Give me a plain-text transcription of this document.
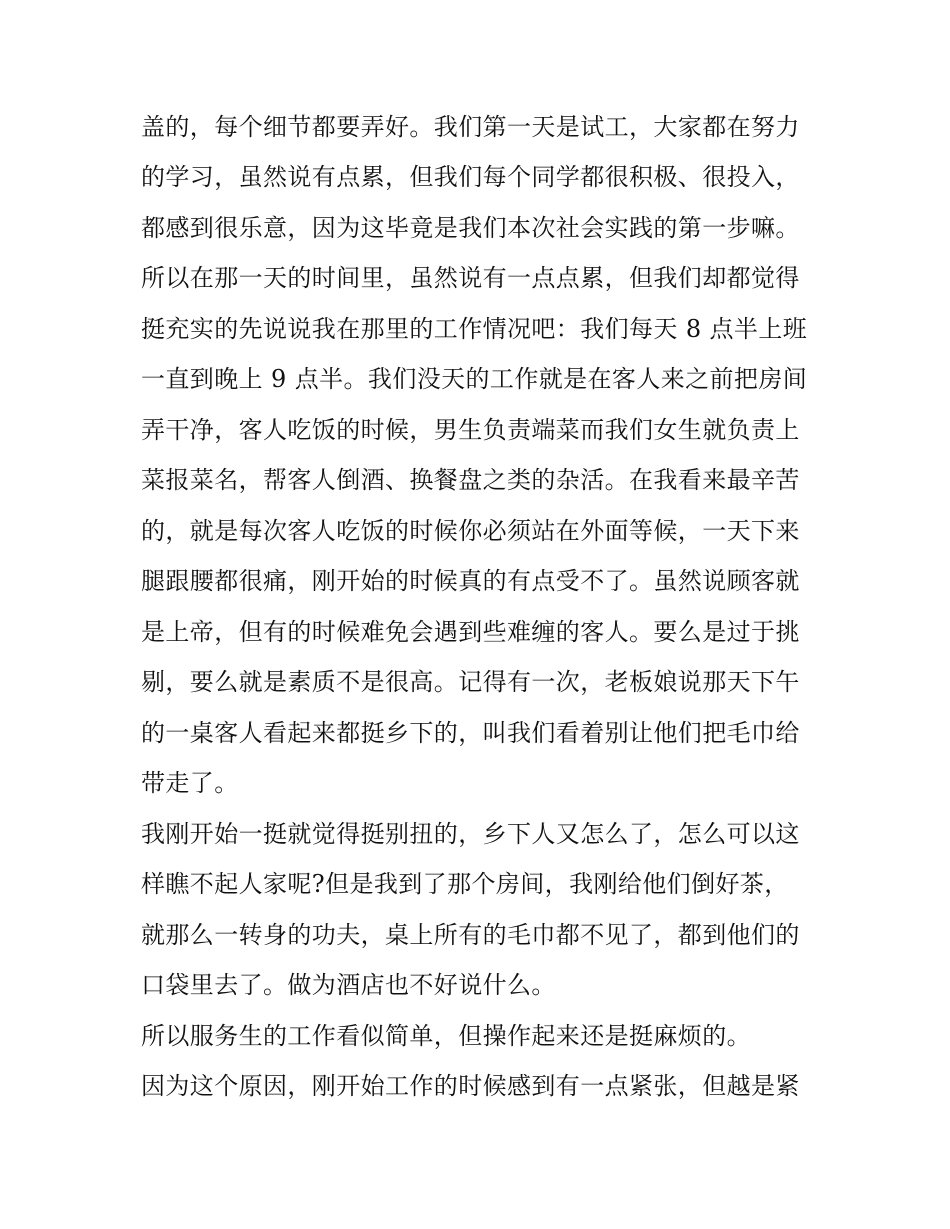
盖的，每个细节都要弄好。我们第一天是试工，大家都在努力
的学习，虽然说有点累，但我们每个同学都很积极、很投入，
都感到很乐意，因为这毕竟是我们本次社会实践的第一步嘛。
所以在那一天的时间里，虽然说有一点点累，但我们却都觉得
挺充实的先说说我在那里的工作情况吧：我们每天 8 点半上班
一直到晚上 9 点半。我们没天的工作就是在客人来之前把房间
弄干净，客人吃饭的时候，男生负责端菜而我们女生就负责上
菜报菜名，帮客人倒酒、换餐盘之类的杂活。在我看来最辛苦
的，就是每次客人吃饭的时候你必须站在外面等候，一天下来
腿跟腰都很痛，刚开始的时候真的有点受不了。虽然说顾客就
是上帝，但有的时候难免会遇到些难缠的客人。要么是过于挑
剔，要么就是素质不是很高。记得有一次，老板娘说那天下午
的一桌客人看起来都挺乡下的，叫我们看着别让他们把毛巾给
带走了。
我刚开始一挺就觉得挺别扭的，乡下人又怎么了，怎么可以这
样瞧不起人家呢?但是我到了那个房间，我刚给他们倒好茶，
就那么一转身的功夫，桌上所有的毛巾都不见了，都到他们的
口袋里去了。做为酒店也不好说什么。
所以服务生的工作看似简单，但操作起来还是挺麻烦的。
因为这个原因，刚开始工作的时候感到有一点紧张，但越是紧
